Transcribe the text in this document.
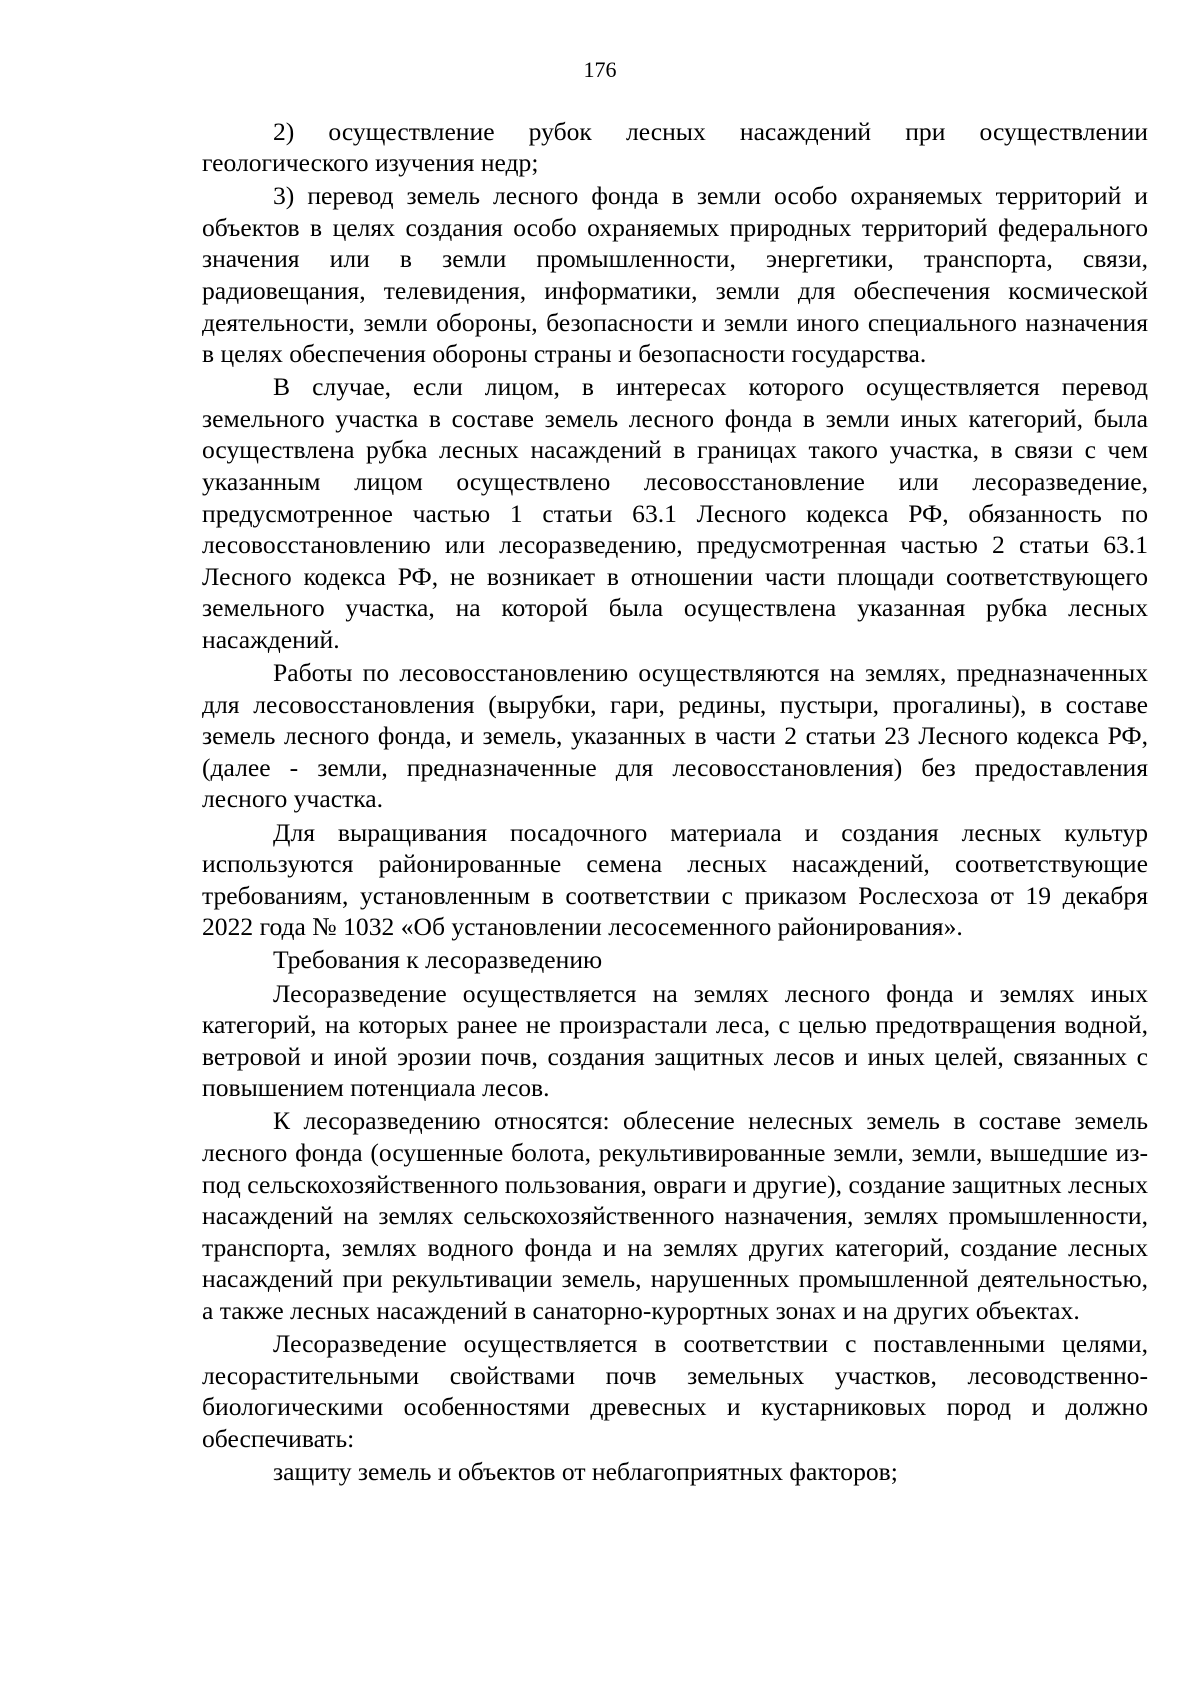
176

2) осуществление рубок лесных насаждений при осуществлении геологического изучения недр;

3) перевод земель лесного фонда в земли особо охраняемых территорий и объектов в целях создания особо охраняемых природных территорий федерального значения или в земли промышленности, энергетики, транспорта, связи, радиовещания, телевидения, информатики, земли для обеспечения космической деятельности, земли обороны, безопасности и земли иного специального назначения в целях обеспечения обороны страны и безопасности государства.

В случае, если лицом, в интересах которого осуществляется перевод земельного участка в составе земель лесного фонда в земли иных категорий, была осуществлена рубка лесных насаждений в границах такого участка, в связи с чем указанным лицом осуществлено лесовосстановление или лесоразведение, предусмотренное частью 1 статьи 63.1 Лесного кодекса РФ, обязанность по лесовосстановлению или лесоразведению, предусмотренная частью 2 статьи 63.1 Лесного кодекса РФ, не возникает в отношении части площади соответствующего земельного участка, на которой была осуществлена указанная рубка лесных насаждений.

Работы по лесовосстановлению осуществляются на землях, предназначенных для лесовосстановления (вырубки, гари, редины, пустыри, прогалины), в составе земель лесного фонда, и земель, указанных в части 2 статьи 23 Лесного кодекса РФ, (далее - земли, предназначенные для лесовосстановления) без предоставления лесного участка.

Для выращивания посадочного материала и создания лесных культур используются районированные семена лесных насаждений, соответствующие требованиям, установленным в соответствии с приказом Рослесхоза от 19 декабря 2022 года № 1032 «Об установлении лесосеменного районирования».

Требования к лесоразведению

Лесоразведение осуществляется на землях лесного фонда и землях иных категорий, на которых ранее не произрастали леса, с целью предотвращения водной, ветровой и иной эрозии почв, создания защитных лесов и иных целей, связанных с повышением потенциала лесов.

К лесоразведению относятся: облесение нелесных земель в составе земель лесного фонда (осушенные болота, рекультивированные земли, земли, вышедшие из-под сельскохозяйственного пользования, овраги и другие), создание защитных лесных насаждений на землях сельскохозяйственного назначения, землях промышленности, транспорта, землях водного фонда и на землях других категорий, создание лесных насаждений при рекультивации земель, нарушенных промышленной деятельностью, а также лесных насаждений в санаторно-курортных зонах и на других объектах.

Лесоразведение осуществляется в соответствии с поставленными целями, лесорастительными свойствами почв земельных участков, лесоводственно-биологическими особенностями древесных и кустарниковых пород и должно обеспечивать:

защиту земель и объектов от неблагоприятных факторов;
